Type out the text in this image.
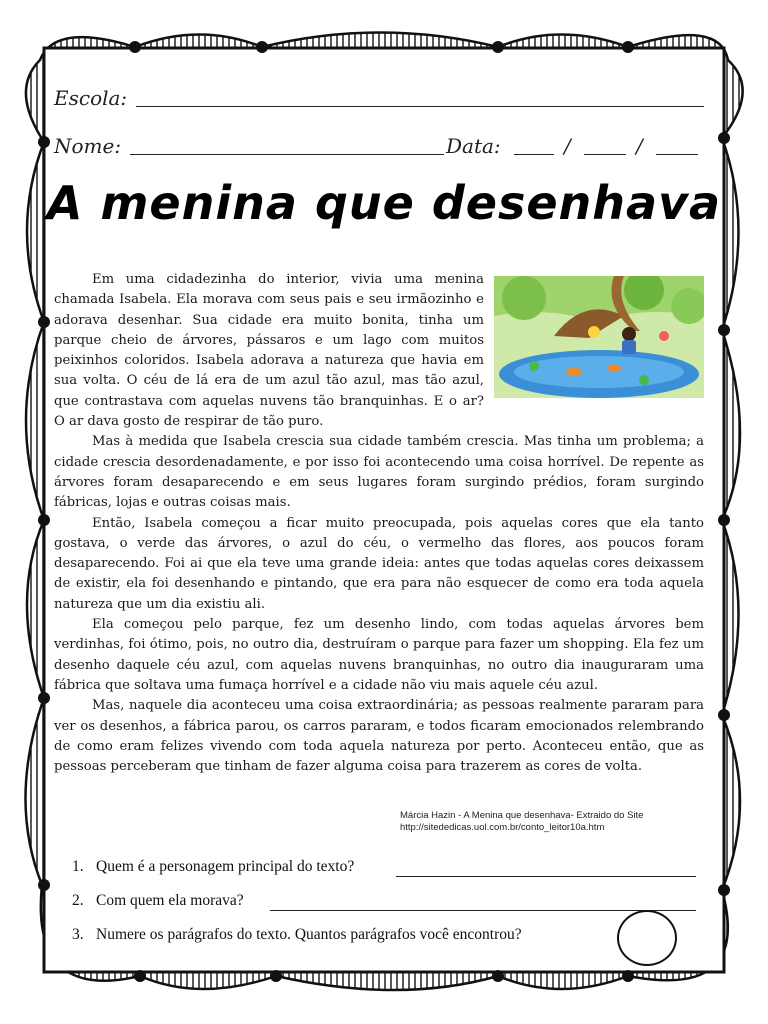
Escola:
Nome:	Data:	/	/
A menina que desenhava

Em uma cidadezinha do interior, vivia uma menina chamada Isabela. Ela morava com seus pais e seu irmãozinho e adorava desenhar. Sua cidade era muito bonita, tinha um parque cheio de árvores, pássaros e um lago com muitos peixinhos coloridos. Isabela adorava a natureza que havia em sua volta. O céu de lá era de um azul tão azul, mas tão azul, que contrastava com aquelas nuvens tão branquinhas. E o ar? O ar dava gosto de respirar de tão puro.

Mas à medida que Isabela crescia sua cidade também crescia. Mas tinha um problema; a cidade crescia desordenadamente, e por isso foi acontecendo uma coisa horrível. De repente as árvores foram desaparecendo e em seus lugares foram surgindo prédios, foram surgindo fábricas, lojas e outras coisas mais.

Então, Isabela começou a ficar muito preocupada, pois aquelas cores que ela tanto gostava, o verde das árvores, o azul do céu, o vermelho das flores, aos poucos foram desaparecendo. Foi ai que ela teve uma grande ideia: antes que todas aquelas cores deixassem de existir, ela foi desenhando e pintando, que era para não esquecer de como era toda aquela natureza que um dia existiu ali.

Ela começou pelo parque, fez um desenho lindo, com todas aquelas árvores bem verdinhas, foi ótimo, pois, no outro dia, destruíram o parque para fazer um shopping. Ela fez um desenho daquele céu azul, com aquelas nuvens branquinhas, no outro dia inauguraram uma fábrica que soltava uma fumaça horrível e a cidade não viu mais aquele céu azul.

Mas, naquele dia aconteceu uma coisa extraordinária; as pessoas realmente pararam para ver os desenhos, a fábrica parou, os carros pararam, e todos ficaram emocionados relembrando de como eram felizes vivendo com toda aquela natureza por perto. Aconteceu então, que as pessoas perceberam que tinham de fazer alguma coisa para trazerem as cores de volta.

Márcia Hazin - A Menina que desenhava- Extraido do Site
http://sitededicas.uol.com.br/conto_leitor10a.htm
1. Quem é a personagem principal do texto?
2. Com quem ela morava?
3. Numere os parágrafos do texto. Quantos parágrafos você encontrou?
